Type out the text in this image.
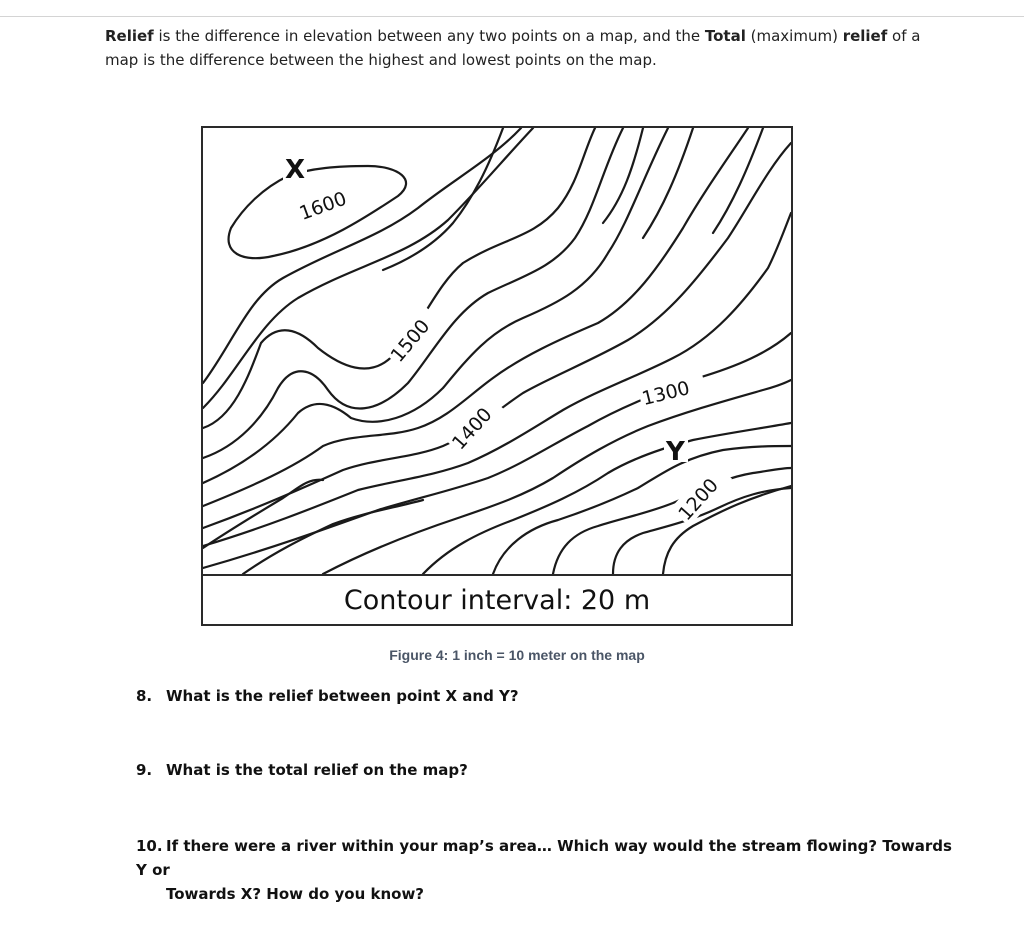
Relief is the difference in elevation between any two points on a map, and the Total (maximum) relief of a map is the difference between the highest and lowest points on the map.
1600
1500
1400
1300
1200
X
Y
Contour interval: 20 m
Figure 4: 1 inch = 10 meter on the map
8. What is the relief between point X and Y?
9. What is the total relief on the map?
10. If there were a river within your map’s area… Which way would the stream flowing? Towards Y or
Towards X? How do you know?
